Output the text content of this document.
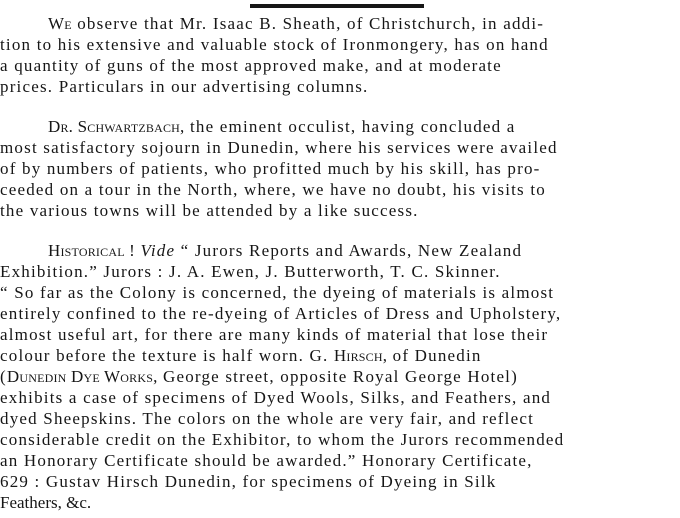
We observe that Mr. Isaac B. Sheath, of Christchurch, in addi-
tion to his extensive and valuable stock of Ironmongery, has on hand
a quantity of guns of the most approved make, and at moderate
prices. Particulars in our advertising columns.
Dr. Schwartzbach, the eminent occulist, having concluded a
most satisfactory sojourn in Dunedin, where his services were availed
of by numbers of patients, who profitted much by his skill, has pro-
ceeded on a tour in the North, where, we have no doubt, his visits to
the various towns will be attended by a like success.
Historical ! Vide “ Jurors Reports and Awards, New Zealand
Exhibition.” Jurors : J. A. Ewen, J. Butterworth, T. C. Skinner.
“ So far as the Colony is concerned, the dyeing of materials is almost
entirely confined to the re-dyeing of Articles of Dress and Upholstery,
almost useful art, for there are many kinds of material that lose their
colour before the texture is half worn. G. Hirsch, of Dunedin
(Dunedin Dye Works, George street, opposite Royal George Hotel)
exhibits a case of specimens of Dyed Wools, Silks, and Feathers, and
dyed Sheepskins. The colors on the whole are very fair, and reflect
considerable credit on the Exhibitor, to whom the Jurors recommended
an Honorary Certificate should be awarded.” Honorary Certificate,
629 : Gustav Hirsch Dunedin, for specimens of Dyeing in Silk
Feathers, &c.
